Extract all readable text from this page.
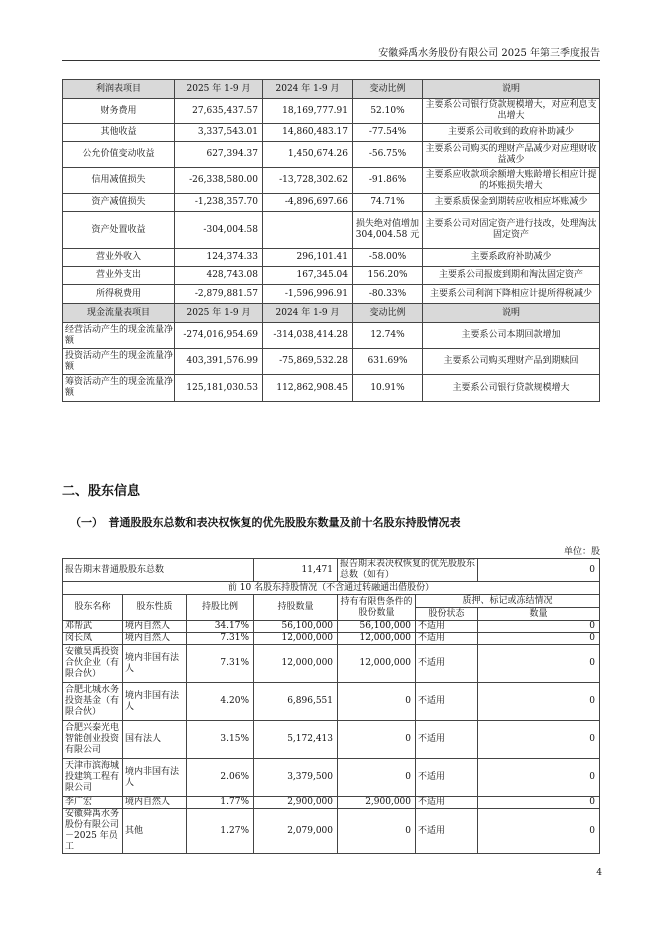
安徽舜禹水务股份有限公司 2025 年第三季度报告
利润表项目	2025 年 1-9 月	2024 年 1-9 月	变动比例	说明
财务费用	27,635,437.57	18,169,777.91	52.10%	主要系公司银行贷款规模增大，对应利息支出增大
其他收益	3,337,543.01	14,860,483.17	-77.54%	主要系公司收到的政府补助减少
公允价值变动收益	627,394.37	1,450,674.26	-56.75%	主要系公司购买的理财产品减少对应理财收益减少
信用减值损失	-26,338,580.00	-13,728,302.62	-91.86%	主要系应收款项余额增大账龄增长相应计提的坏账损失增大
资产减值损失	-1,238,357.70	-4,896,697.66	74.71%	主要系质保金到期转应收相应坏账减少
资产处置收益	-304,004.58		损失绝对值增加 304,004.58 元	主要系公司对固定资产进行技改，处理淘汰固定资产
营业外收入	124,374.33	296,101.41	-58.00%	主要系政府补助减少
营业外支出	428,743.08	167,345.04	156.20%	主要系公司报废到期和淘汰固定资产
所得税费用	-2,879,881.57	-1,596,996.91	-80.33%	主要系公司利润下降相应计提所得税减少
现金流量表项目	2025 年 1-9 月	2024 年 1-9 月	变动比例	说明
经营活动产生的现金流量净额	-274,016,954.69	-314,038,414.28	12.74%	主要系公司本期回款增加
投资活动产生的现金流量净额	403,391,576.99	-75,869,532.28	631.69%	主要系公司购买理财产品到期赎回
筹资活动产生的现金流量净额	125,181,030.53	112,862,908.45	10.91%	主要系公司银行贷款规模增大
二、股东信息
（一）　普通股股东总数和表决权恢复的优先股股东数量及前十名股东持股情况表
单位：股
报告期末普通股股东总数			11,471	报告期末表决权恢复的优先股股东总数（如有）		0
前 10 名股东持股情况（不含通过转融通出借股份）						
股东名称	股东性质	持股比例	持股数量	持有有限售条件的股份数量	质押、标记或冻结情况	
					股份状态	数量
邓帮武	境内自然人	34.17%	56,100,000	56,100,000	不适用	0
闵长凤	境内自然人	7.31%	12,000,000	12,000,000	不适用	0
安徽昊禹投资合伙企业（有限合伙）	境内非国有法人	7.31%	12,000,000	12,000,000	不适用	0
合肥北城水务投资基金（有限合伙）	境内非国有法人	4.20%	6,896,551	0	不适用	0
合肥兴泰光电智能创业投资有限公司	国有法人	3.15%	5,172,413	0	不适用	0
天津市滨海城投建筑工程有限公司	境内非国有法人	2.06%	3,379,500	0	不适用	0
李广宏	境内自然人	1.77%	2,900,000	2,900,000	不适用	0
安徽舜禹水务股份有限公司－2025 年员工	其他	1.27%	2,079,000	0	不适用	0
4
